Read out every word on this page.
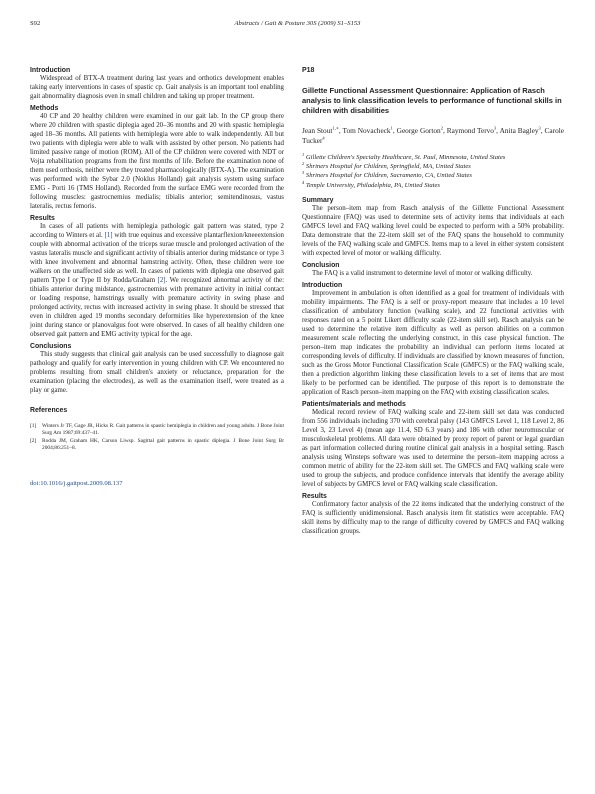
S92	Abstracts / Gait & Posture 30S (2009) S1–S153
Introduction

Widespread of BTX-A treatment during last years and orthotics development enables taking early interventions in cases of spastic cp. Gait analysis is an important tool enabling gait abnormality diagnosis even in small children and taking up proper treatment.

Methods

40 CP and 20 healthy children were examined in our gait lab. In the CP group there where 20 children with spastic diplegia aged 20–36 months and 20 with spastic hemiplegia aged 18–36 months. All patients with hemiplegia were able to walk independently. All but two patients with diplegia were able to walk with assisted by other person. No patients had limited passive range of motion (ROM). All of the CP children were covered with NDT or Vojta rehabilitation programs from the first months of life. Before the examination none of them used orthosis, neither were they treated pharmacologically (BTX-A). The examination was performed with the Sybar 2.0 (Noklus Holland) gait analysis system using surface EMG - Porti 16 (TMS Holland). Recorded from the surface EMG were recorded from the following muscles: gastrocnemius medialis; tibialis anterior; semitendinosus, vastus lateralis, rectus femoris.

Results

In cases of all patients with hemiplegia pathologic gait pattern was stated, type 2 according to Winters et al. [1] with true equinus and excessive plantarflexion/kneeextension couple with abnormal activation of the triceps surae muscle and prolonged activation of the vastus lateralis muscle and significant activity of tibialis anterior during midstance or type 3 with knee involvement and abnormal hamstring activity. Often, these children were toe walkers on the unaffected side as well. In cases of patients with diplegia one observed gait pattern Type I or Type II by Rodda/Graham [2]. We recognized abnormal activity of the: tibialis anterior during midstance, gastrocnemius with premature activity in initial contact or loading response, hamstrings usually with premature activity in swing phase and prolonged activity, rectus with increased activity in swing phase. It should be stressed that even in children aged 19 months secondary deformities like hyperextension of the knee joint during stance or planovalgus foot were observed. In cases of all healthy children one observed gait pattern and EMG activity typical for the age.

Conclusions

This study suggests that clinical gait analysis can be used successfully to diagnose gait pathology and qualify for early intervention in young children with CP. We encountered no problems resulting from small children's anxiety or reluctance, preparation for the examination (placing the electrodes), as well as the examination itself, were treated as a play or game.

References
[1]	Winters Jr TF, Gage JR, Hicks R. Gait patterns in spastic hemiplegia in children and young adults. J Bone Joint Surg Am 1987;69:437–41.
[2]	Rodda JM, Graham HK, Carson Liwsp. Sagittal gait patterns in spastic diplegia. J Bone Joint Surg Br 2004;86:251–8.
doi:10.1016/j.gaitpost.2009.08.137
P18
Gillette Functional Assessment Questionnaire: Application of Rasch analysis to link classification levels to performance of functional skills in children with disabilities
Jean Stout$^{1,∗}$, Tom Novacheck$^1$, George Gorton$^2$, Raymond Tervo$^3$, Anita Bagley$^3$, Carole Tucker$^4$
$^1$ Gillette Children's Specialty Healthcare, St. Paul, Minnesota, United States
$^2$ Shriners Hospital for Children, Springfield, MA, United States
$^3$ Shriners Hospital for Children, Sacramento, CA, United States
$^4$ Temple University, Philadelphia, PA, United States
Summary

The person–item map from Rasch analysis of the Gillette Functional Assessment Questionnaire (FAQ) was used to determine sets of activity items that individuals at each GMFCS level and FAQ walking level could be expected to perform with a 50% probability. Data demonstrate that the 22-item skill set of the FAQ spans the household to community levels of the FAQ walking scale and GMFCS. Items map to a level in either system consistent with expected level of motor or walking difficulty.

Conclusion

The FAQ is a valid instrument to determine level of motor or walking difficulty.

Introduction

Improvement in ambulation is often identified as a goal for treatment of individuals with mobility impairments. The FAQ is a self or proxy-report measure that includes a 10 level classification of ambulatory function (walking scale), and 22 functional activities with responses rated on a 5 point Likert difficulty scale (22-item skill set). Rasch analysis can be used to determine the relative item difficulty as well as person abilities on a common measurement scale reflecting the underlying construct, in this case physical function. The person–item map indicates the probability an individual can perform items located at corresponding levels of difficulty. If individuals are classified by known measures of function, such as the Gross Motor Functional Classification Scale (GMFCS) or the FAQ walking scale, then a prediction algorithm linking these classification levels to a set of items that are most likely to be performed can be identified. The purpose of this report is to demonstrate the application of Rasch person–item mapping on the FAQ with existing classification scales.

Patients/materials and methods

Medical record review of FAQ walking scale and 22-item skill set data was conducted from 556 individuals including 370 with cerebral palsy (143 GMFCS Level 1, 118 Level 2, 86 Level 3, 23 Level 4) (mean age 11.4, SD 6.3 years) and 186 with other neuromuscular or musculoskeletal problems. All data were obtained by proxy report of parent or legal guardian as part information collected during routine clinical gait analysis in a hospital setting. Rasch analysis using Winsteps software was used to determine the person–item mapping across a common metric of ability for the 22-item skill set. The GMFCS and FAQ walking scale were used to group the subjects, and produce confidence intervals that identify the average ability level of subjects by GMFCS level or FAQ walking scale classification.

Results

Confirmatory factor analysis of the 22 items indicated that the underlying construct of the FAQ is sufficiently unidimensional. Rasch analysis item fit statistics were acceptable. FAQ skill items by difficulty map to the range of difficulty covered by GMFCS and FAQ walking classification groups.
